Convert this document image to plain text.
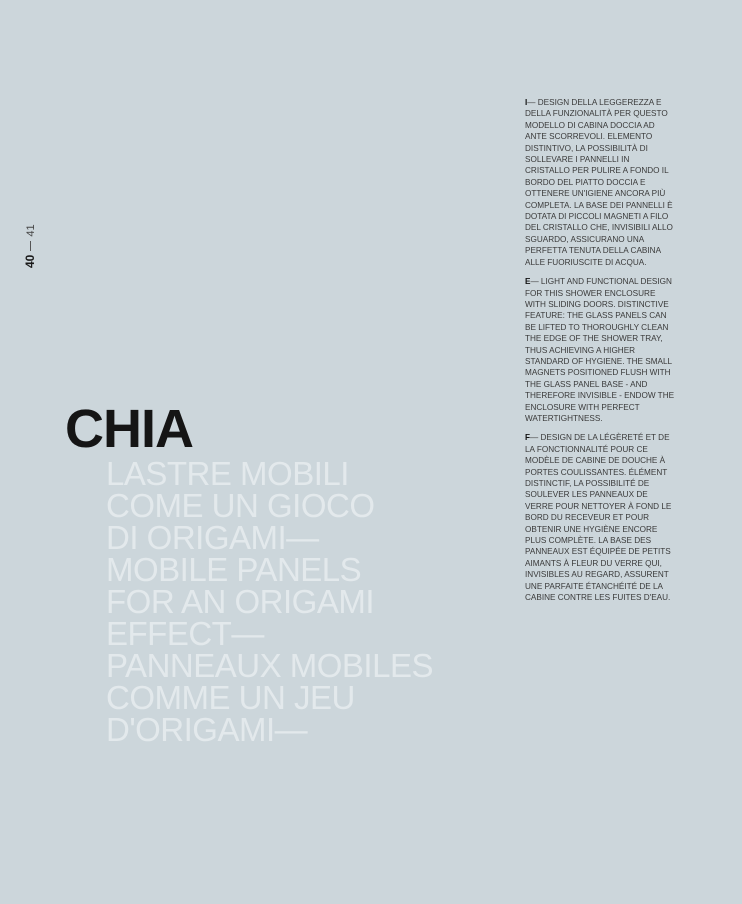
40
41
CHIA
LASTRE MOBILI
COME UN GIOCO
DI ORIGAMI—
MOBILE PANELS
FOR AN ORIGAMI
EFFECT—
PANNEAUX MOBILES
COMME UN JEU
D'ORIGAMI—

I— DESIGN DELLA LEGGEREZZA E DELLA FUNZIONALITÀ PER QUESTO MODELLO DI CABINA DOCCIA AD ANTE SCORREVOLI. ELEMENTO DISTINTIVO, LA POSSIBILITÀ DI SOLLEVARE I PANNELLI IN CRISTALLO PER PULIRE A FONDO IL BORDO DEL PIATTO DOCCIA E OTTENERE UN'IGIENE ANCORA PIÙ COMPLETA. LA BASE DEI PANNELLI È DOTATA DI PICCOLI MAGNETI A FILO DEL CRISTALLO CHE, INVISIBILI ALLO SGUARDO, ASSICURANO UNA PERFETTA TENUTA DELLA CABINA ALLE FUORIUSCITE DI ACQUA.

E— LIGHT AND FUNCTIONAL DESIGN FOR THIS SHOWER ENCLOSURE WITH SLIDING DOORS. DISTINCTIVE FEATURE: THE GLASS PANELS CAN BE LIFTED TO THOROUGHLY CLEAN THE EDGE OF THE SHOWER TRAY, THUS ACHIEVING A HIGHER STANDARD OF HYGIENE. THE SMALL MAGNETS POSITIONED FLUSH WITH THE GLASS PANEL BASE - AND THEREFORE INVISIBLE - ENDOW THE ENCLOSURE WITH PERFECT WATERTIGHTNESS.

F— DESIGN DE LA LÉGÈRETÉ ET DE LA FONCTIONNALITÉ POUR CE MODÈLE DE CABINE DE DOUCHE À PORTES COULISSANTES. ÉLÉMENT DISTINCTIF, LA POSSIBILITÉ DE SOULEVER LES PANNEAUX DE VERRE POUR NETTOYER À FOND LE BORD DU RECEVEUR ET POUR OBTENIR UNE HYGIÈNE ENCORE PLUS COMPLÈTE. LA BASE DES PANNEAUX EST ÉQUIPÉE DE PETITS AIMANTS À FLEUR DU VERRE QUI, INVISIBLES AU REGARD, ASSURENT UNE PARFAITE ÉTANCHÉITÉ DE LA CABINE CONTRE LES FUITES D'EAU.
